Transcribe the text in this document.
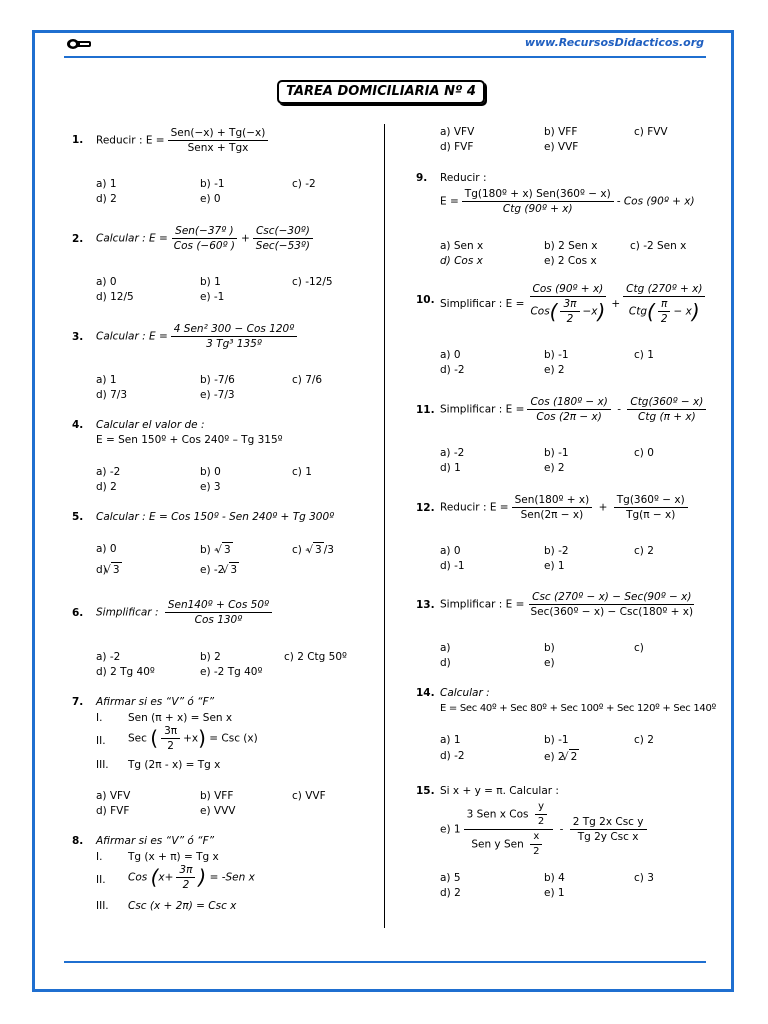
www.RecursosDidacticos.org
TAREA DOMICILIARIA Nº 4
1. Reducir : $E = \frac{\text{Sen(−x) + Tg(−x)}}{\text{Senx + Tgx}}$
a) 1	b) -1	c) -2
d) 2	e) 0
2. Calcular : $E = \frac{\text{Sen(−37º )}}{\text{Cos (−60º )}} + \frac{\text{Csc(−30º)}}{\text{Sec(−53º)}}$
a) 0	b) 1	c) -12/5
d) 12/5	e) -1
3. Calcular : $E = \frac{\text{4 Sen² 300 − Cos 120º}}{\text{3 Tg³ 135º}}$
a) 1	b) -7/6	c) 7/6
d) 7/3	e) -7/3
4. Calcular el valor de :
E = Sen 150º + Cos 240º – Tg 315º
a) -2	b) 0	c) 1
d) 2	e) 3
5. Calcular : E = Cos 150º - Sen 240º + Tg 300º
a) 0	b) - √ 3	c) - √ 3 /3
d) √ 3	e) -2 √ 3
6. Simplificar : $\frac{\text{Sen140º + Cos 50º}}{\text{Cos 130º}}$
a) -2	b) 2	c) 2 Ctg 50º
d) 2 Tg 40º	e) -2 Tg 40º
7. Afirmar si es “V” ó “F”
I. Sen (π + x) = Sen x
II. Sec ( $\frac{3\pi}{2} +x$) = Csc (x)
III. Tg (2π - x) = Tg x
a) VFV	b) VFF	c) VVF
d) FVF	e) VVV
8. Afirmar si es “V” ó “F”
I. Tg (x + π) = Tg x
II. Cos ($x+ \frac{3\pi}{2}$ ) = -Sen x
III. Csc (x + 2π) = Csc x
a) VFV	b) VFF	c) FVV
d) FVF	e) VVF
9. Reducir :
$E = \frac{\text{Tg(180º + x) Sen(360º − x)}}{\text{Ctg (90º + x)}}$ - Cos (90º + x)
a) Sen x	b) 2 Sen x	c) -2 Sen x
d) Cos x	e) 2 Cos x
10. Simplificar : $E = \frac{\text{Cos (90º + x)}}{Cos( \frac{3\pi}{2} -x)} + \frac{\text{Ctg (270º + x)}}{Ctg( \frac{\pi}{2} - x)}$
a) 0	b) -1	c) 1
d) -2	e) 2
11. Simplificar : $E = \frac{\text{Cos (180º − x)}}{\text{Cos (2π − x)}} - \frac{\text{Ctg(360º − x)}}{\text{Ctg (π + x)}}$
a) -2	b) -1	c) 0
d) 1	e) 2
12. Reducir : $E = \frac{\text{Sen(180º + x)}}{\text{Sen(2π − x)}} + \frac{\text{Tg(360º − x)}}{Tg(\pi - x)}$
a) 0	b) -2	c) 2
d) -1	e) 1
13. Simplificar : $E = \frac{\text{Csc (270º − x) − Sec(90º − x)}}{\text{Sec(360º − x) − Csc(180º + x)}}$
a)	b)	c)
d)	e)
14. Calcular :
E = Sec 40º + Sec 80º + Sec 100º + Sec 120º + Sec 140º
a) 1	b) -1	c) 2
d) -2	e) 2 √ 2
15. Si x + y = π. Calcular :
e) $1 \frac{3 Sen x Cos \frac{y}{2}}{Sen y Sen \frac{x}{2}} - \frac{\text{2 Tg 2x Csc y}}{\text{Tg 2y Csc x}}$
a) 5	b) 4	c) 3
d) 2	e) 1
